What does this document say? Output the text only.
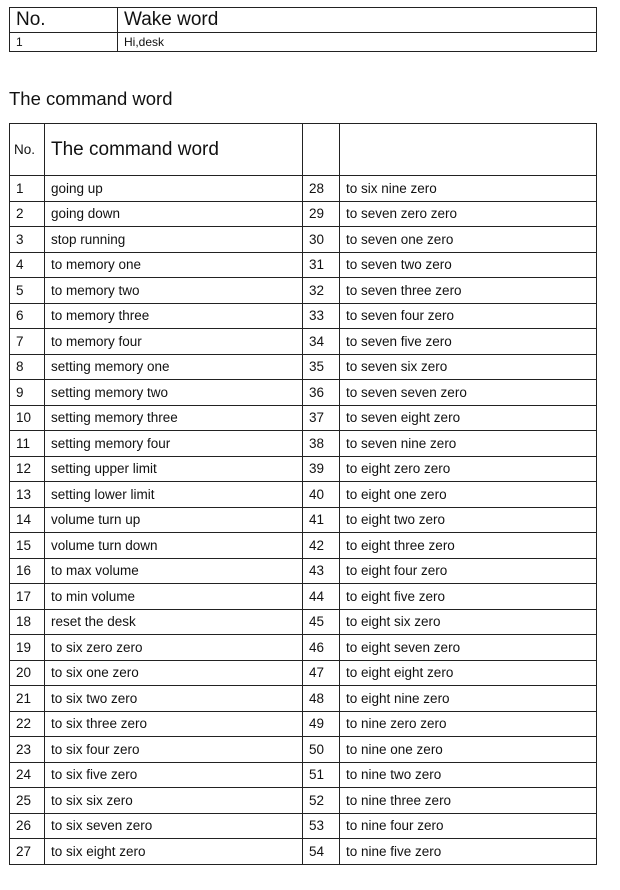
No.	Wake word
1	Hi,desk
The command word
No.	The command word		
1	going up	28	to six nine zero
2	going down	29	to seven zero zero
3	stop running	30	to seven one zero
4	to memory one	31	to seven two zero
5	to memory two	32	to seven three zero
6	to memory three	33	to seven four zero
7	to memory four	34	to seven five zero
8	setting memory one	35	to seven six zero
9	setting memory two	36	to seven seven zero
10	setting memory three	37	to seven eight zero
11	setting memory four	38	to seven nine zero
12	setting upper limit	39	to eight zero zero
13	setting lower limit	40	to eight one zero
14	volume turn up	41	to eight two zero
15	volume turn down	42	to eight three zero
16	to max volume	43	to eight four zero
17	to min volume	44	to eight five zero
18	reset the desk	45	to eight six zero
19	to six zero zero	46	to eight seven zero
20	to six one zero	47	to eight eight zero
21	to six two zero	48	to eight nine zero
22	to six three zero	49	to nine zero zero
23	to six four zero	50	to nine one zero
24	to six five zero	51	to nine two zero
25	to six six zero	52	to nine three zero
26	to six seven zero	53	to nine four zero
27	to six eight zero	54	to nine five zero
